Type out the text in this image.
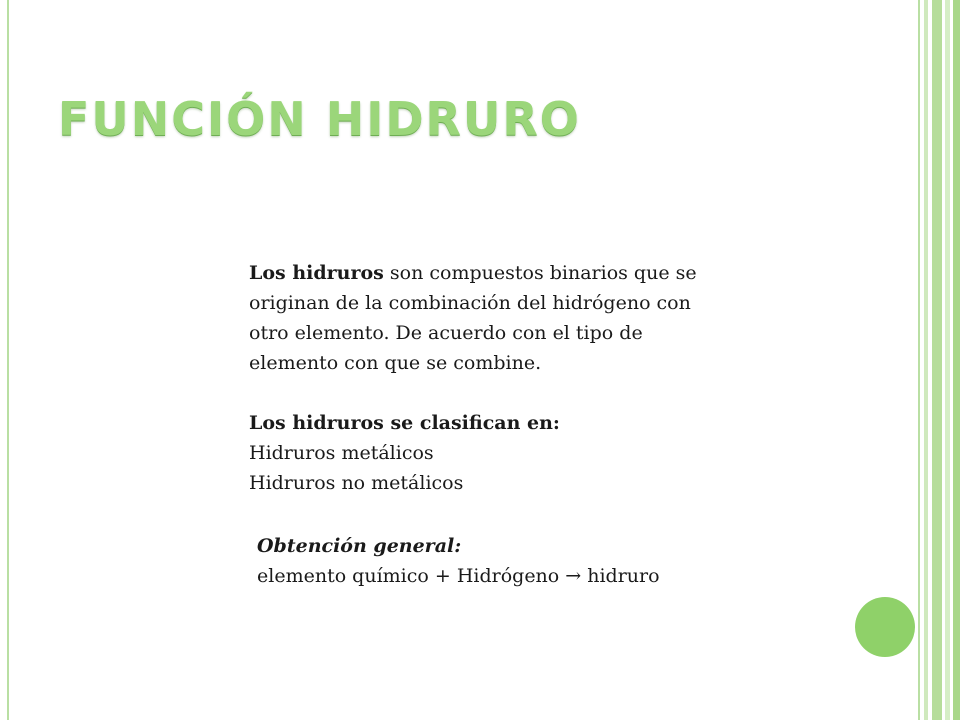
FUNCIÓN HIDRURO

Los hidruros son compuestos binarios que se originan de la combinación del hidrógeno con otro elemento. De acuerdo con el tipo de elemento con que se combine.

Los hidruros se clasifican en:
Hidruros metálicos
Hidruros no metálicos
Obtención general:
elemento químico + Hidrógeno → hidruro
